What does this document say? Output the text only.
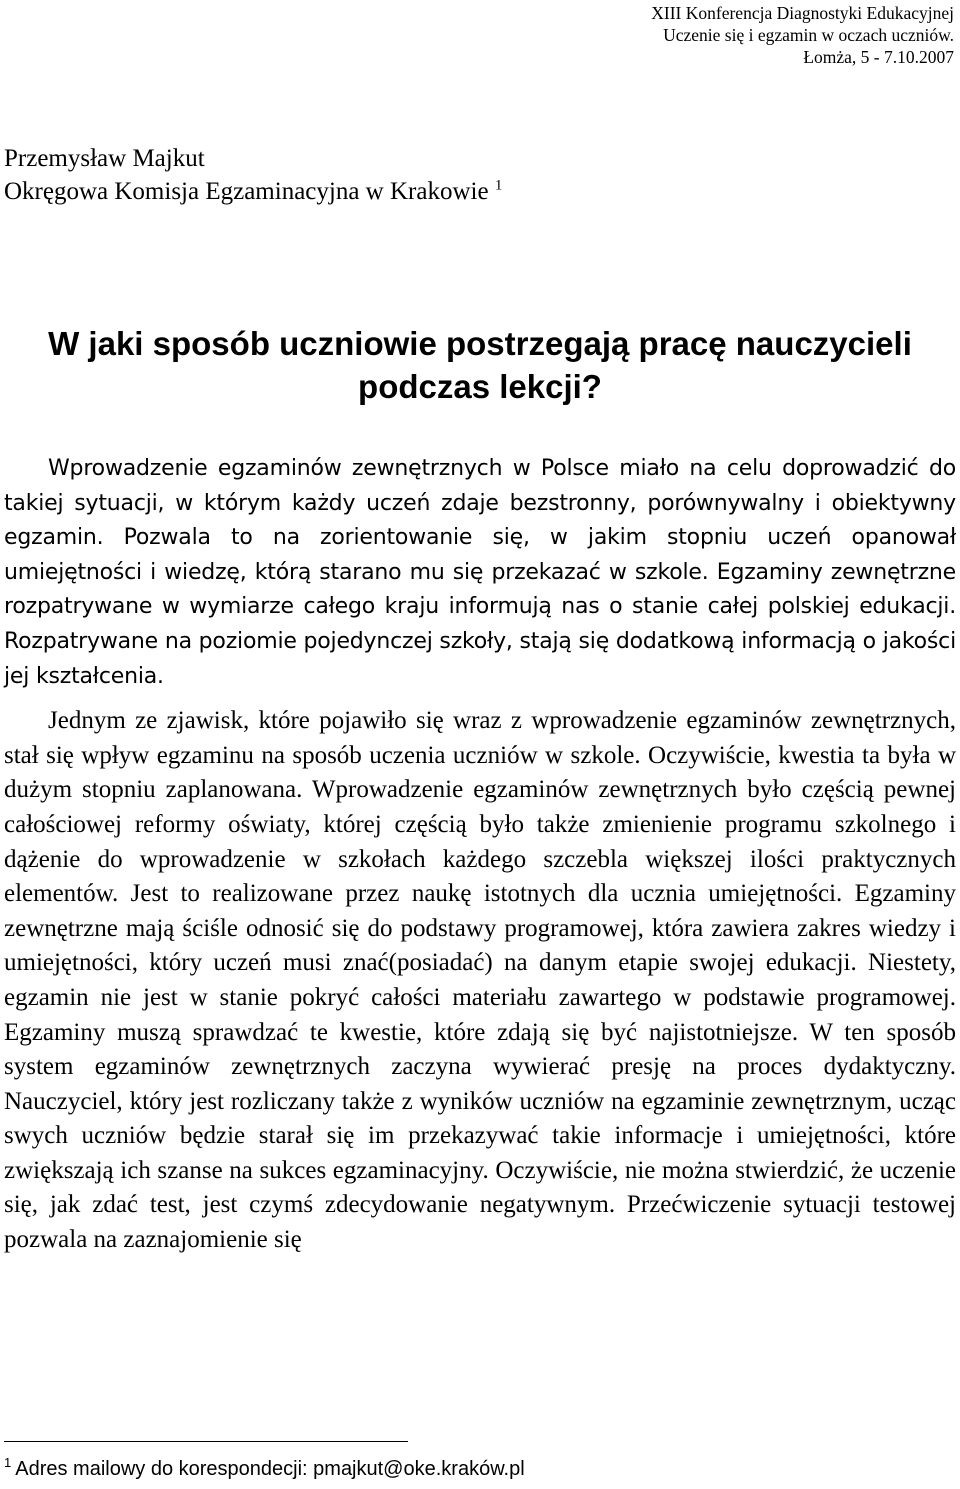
XIII Konferencja Diagnostyki Edukacyjnej
Uczenie się i egzamin w oczach uczniów.
Łomża, 5 - 7.10.2007
Przemysław Majkut
Okręgowa Komisja Egzaminacyjna w Krakowie $^1$
W jaki sposób uczniowie postrzegają pracę nauczycieli
podczas lekcji?

Wprowadzenie egzaminów zewnętrznych w Polsce miało na celu doprowadzić do takiej sytuacji, w którym każdy uczeń zdaje bezstronny, porównywalny i obiektywny egzamin. Pozwala to na zorientowanie się, w jakim stopniu uczeń opanował umiejętności i wiedzę, którą starano mu się przekazać w szkole. Egzaminy zewnętrzne rozpatrywane w wymiarze całego kraju informują nas o stanie całej polskiej edukacji. Rozpatrywane na poziomie pojedynczej szkoły, stają się dodatkową informacją o jakości jej kształcenia.

Jednym ze zjawisk, które pojawiło się wraz z wprowadzenie egzaminów zewnętrznych, stał się wpływ egzaminu na sposób uczenia uczniów w szkole. Oczywiście, kwestia ta była w dużym stopniu zaplanowana. Wprowadzenie egzaminów zewnętrznych było częścią pewnej całościowej reformy oświaty, której częścią było także zmienienie programu szkolnego i dążenie do wprowadzenie w szkołach każdego szczebla większej ilości praktycznych elementów. Jest to realizowane przez naukę istotnych dla ucznia umiejętności. Egzaminy zewnętrzne mają ściśle odnosić się do podstawy programowej, która zawiera zakres wiedzy i umiejętności, który uczeń musi znać(posiadać) na danym etapie swojej edukacji. Niestety, egzamin nie jest w stanie pokryć całości materiału zawartego w podstawie programowej. Egzaminy muszą sprawdzać te kwestie, które zdają się być najistotniejsze. W ten sposób system egzaminów zewnętrznych zaczyna wywierać presję na proces dydaktyczny. Nauczyciel, który jest rozliczany także z wyników uczniów na egzaminie zewnętrznym, ucząc swych uczniów będzie starał się im przekazywać takie informacje i umiejętności, które zwiększają ich szanse na sukces egzaminacyjny. Oczywiście, nie można stwierdzić, że uczenie się, jak zdać test, jest czymś zdecydowanie negatywnym. Przećwiczenie sytuacji testowej pozwala na zaznajomienie się

$^1$ Adres mailowy do korespondecji: pmajkut@oke.kraków.pl
